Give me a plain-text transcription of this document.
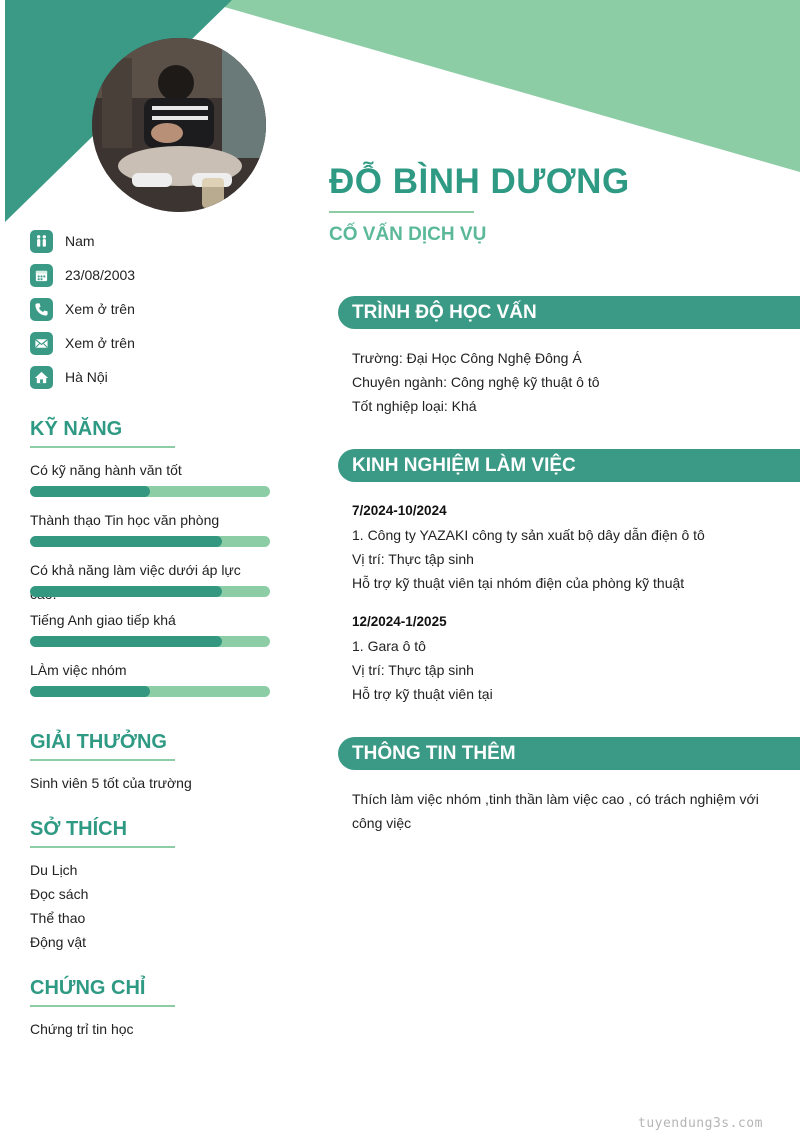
ĐỖ BÌNH DƯƠNG
CỐ VẤN DỊCH VỤ
Nam
23/08/2003
Xem ở trên
Xem ở trên
Hà Nội
KỸ NĂNG
Có kỹ năng hành văn tốt
Thành thạo Tin học văn phòng
Có khả năng làm việc dưới áp lực
Tiếng Anh giao tiếp khá
LÀm việc nhóm
GIẢI THƯỞNG
Sinh viên 5 tốt của trường
SỞ THÍCH
Du Lịch
Đọc sách
Thể thao
Động vật
CHỨNG CHỈ
Chứng trỉ tin học
TRÌNH ĐỘ HỌC VẤN
Trường: Đại Học Công Nghệ Đông Á
Chuyên ngành: Công nghệ kỹ thuật ô tô
Tốt nghiệp loại: Khá
KINH NGHIỆM LÀM VIỆC
7/2024-10/2024
1. Công ty YAZAKI công ty sản xuất bộ dây dẫn điện ô tô
Vị trí: Thực tập sinh
Hỗ trợ kỹ thuật viên tại nhóm điện của phòng kỹ thuật
12/2024-1/2025
1. Gara ô tô
Vị trí: Thực tập sinh
Hỗ trợ kỹ thuật viên tại
THÔNG TIN THÊM
Thích làm việc nhóm ,tinh thần làm việc cao , có trách nghiệm với
công việc
tuyendung3s.com
